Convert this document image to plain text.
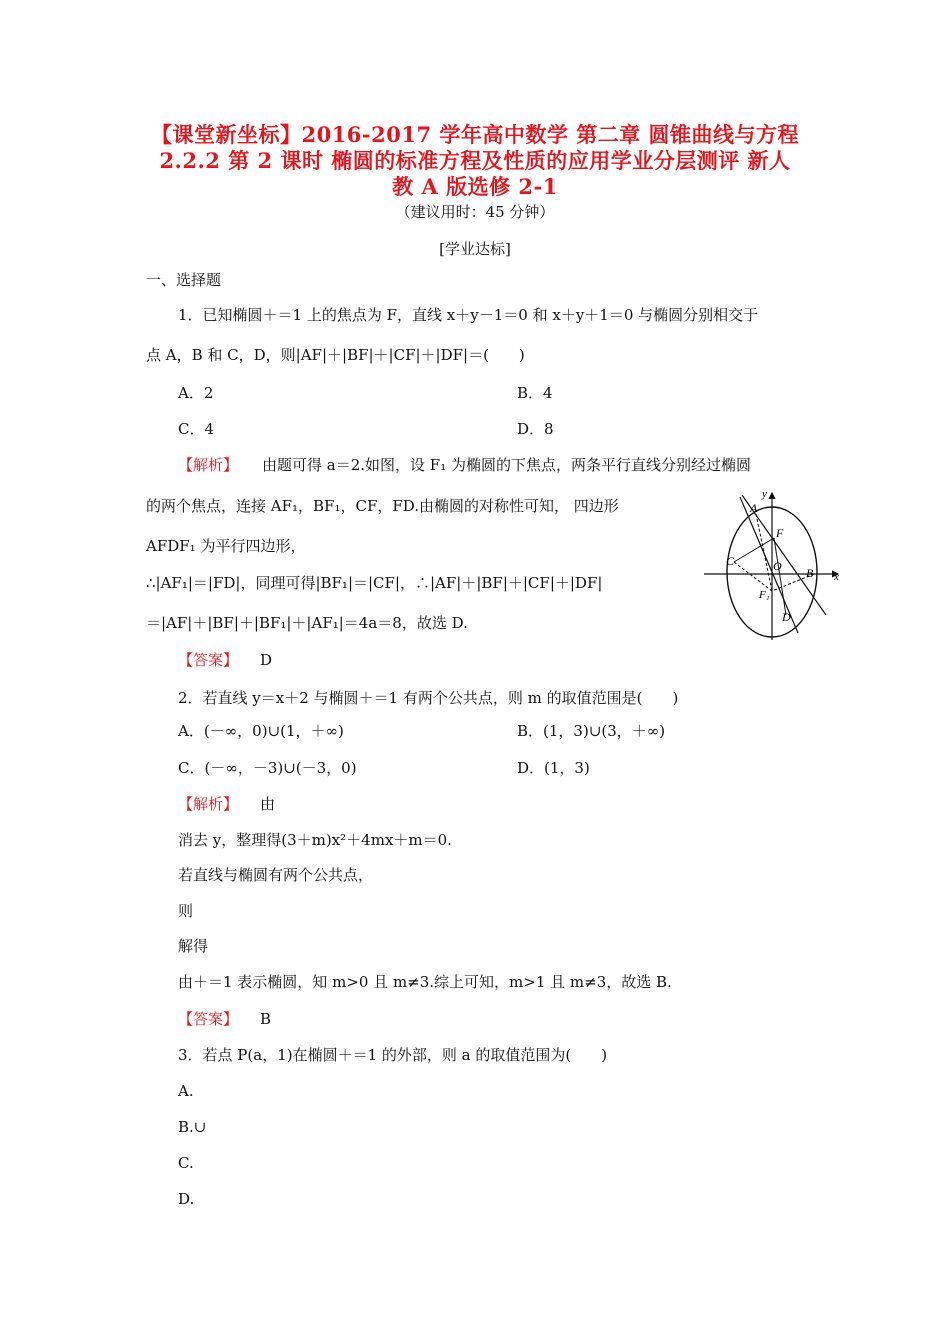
【课堂新坐标】2016-2017 学年高中数学 第二章 圆锥曲线与方程
2.2.2 第 2 课时 椭圆的标准方程及性质的应用学业分层测评 新人
教 A 版选修 2-1
（建议用时：45 分钟）
[学业达标]
一、选择题
1．已知椭圆＋＝1 上的焦点为 F，直线 x＋y－1＝0 和 x＋y＋1＝0 与椭圆分别相交于
点 A，B 和 C，D，则|AF|＋|BF|＋|CF|＋|DF|＝(　　)
A．2	B．4
C．4	D．8
【解析】 由题可得 a＝2.如图，设 F₁ 为椭圆的下焦点，两条平行直线分别经过椭圆
的两个焦点，连接 AF₁，BF₁，CF，FD.由椭圆的对称性可知， 四边形
AFDF₁ 为平行四边形，
∴|AF₁|＝|FD|，同理可得|BF₁|＝|CF|，∴|AF|＋|BF|＋|CF|＋|DF|
＝|AF|＋|BF|＋|BF₁|＋|AF₁|＝4a＝8，故选 D.
【答案】 D
y
x
A
F
C	O B
F₁
D
2．若直线 y＝x＋2 与椭圆＋＝1 有两个公共点，则 m 的取值范围是(　　)
A．(－∞，0)∪(1，＋∞)	B．(1，3)∪(3，＋∞)
C．(－∞，－3)∪(－3，0)	D．(1，3)
【解析】 由
消去 y，整理得(3＋m)x²＋4mx＋m＝0.
若直线与椭圆有两个公共点，
则
解得
由＋＝1 表示椭圆，知 m>0 且 m≠3.综上可知，m>1 且 m≠3，故选 B.
【答案】 B
3．若点 P(a，1)在椭圆＋＝1 的外部，则 a 的取值范围为(　　)
A.
B.∪
C.
D.
